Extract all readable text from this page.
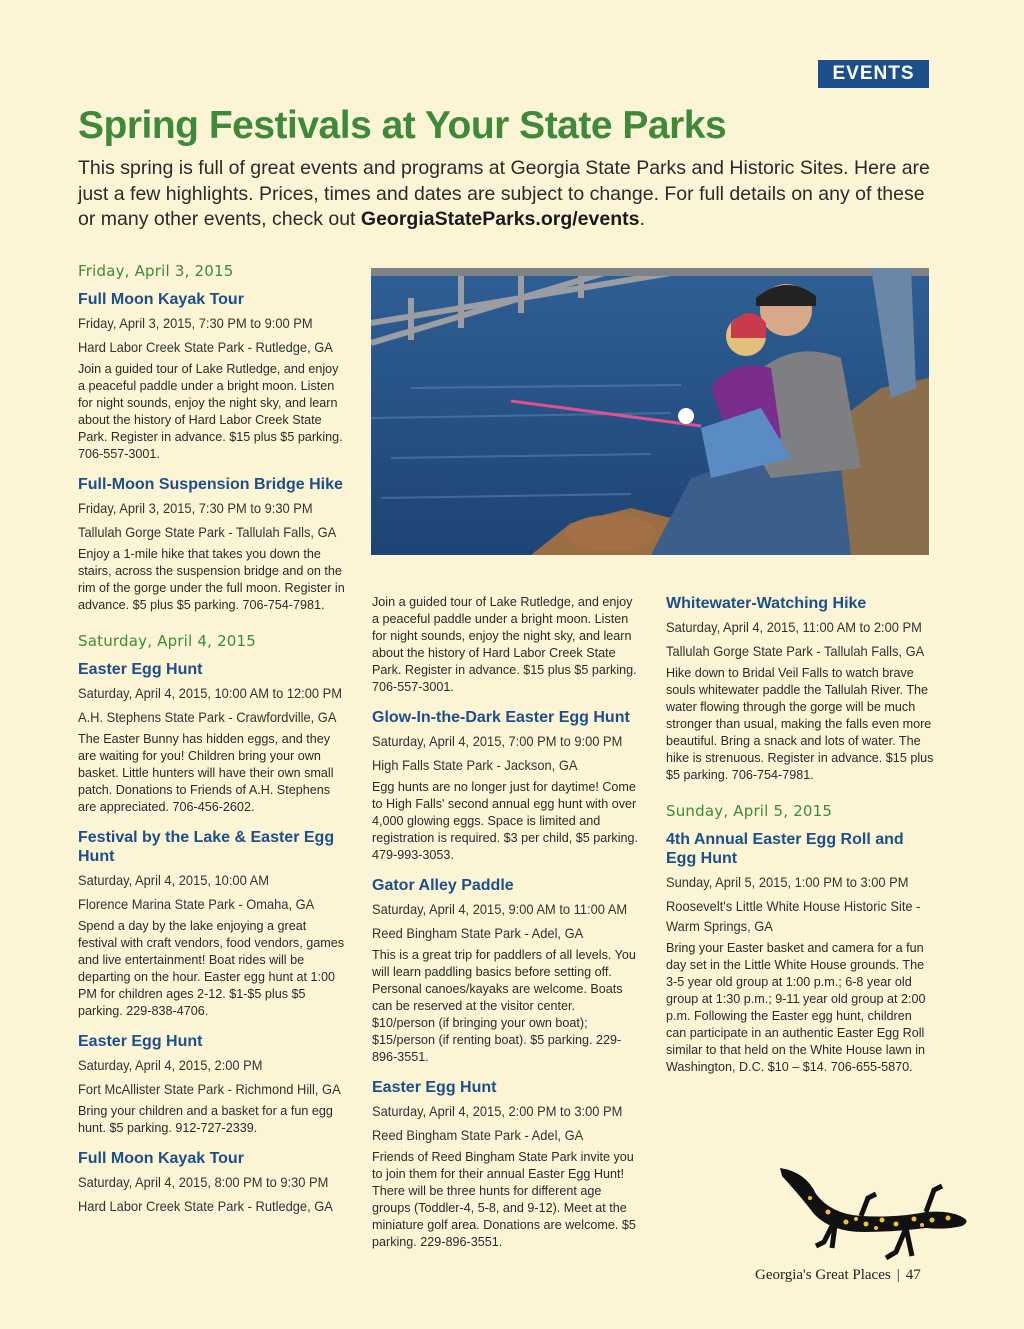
EVENTS
Spring Festivals at Your State Parks

This spring is full of great events and programs at Georgia State Parks and Historic Sites. Here are just a few highlights. Prices, times and dates are subject to change. For full details on any of these or many other events, check out GeorgiaStateParks.org/events.

Friday, April 3, 2015
Full Moon Kayak Tour
Friday, April 3, 2015, 7:30 PM to 9:00 PM
Hard Labor Creek State Park - Rutledge, GA

Join a guided tour of Lake Rutledge, and enjoy a peaceful paddle under a bright moon. Listen for night sounds, enjoy the night sky, and learn about the history of Hard Labor Creek State Park. Register in advance. $15 plus $5 parking. 706-557-3001.

Full-Moon Suspension Bridge Hike
Friday, April 3, 2015, 7:30 PM to 9:30 PM
Tallulah Gorge State Park - Tallulah Falls, GA

Enjoy a 1-mile hike that takes you down the stairs, across the suspension bridge and on the rim of the gorge under the full moon. Register in advance. $5 plus $5 parking. 706-754-7981.

Saturday, April 4, 2015
Easter Egg Hunt
Saturday, April 4, 2015, 10:00 AM to 12:00 PM
A.H. Stephens State Park - Crawfordville, GA

The Easter Bunny has hidden eggs, and they are waiting for you! Children bring your own basket. Little hunters will have their own small patch. Donations to Friends of A.H. Stephens are appreciated. 706-456-2602.

Festival by the Lake & Easter Egg Hunt
Saturday, April 4, 2015, 10:00 AM
Florence Marina State Park - Omaha, GA

Spend a day by the lake enjoying a great festival with craft vendors, food vendors, games and live entertainment! Boat rides will be departing on the hour. Easter egg hunt at 1:00 PM for children ages 2-12. $1-$5 plus $5 parking. 229-838-4706.

Easter Egg Hunt
Saturday, April 4, 2015, 2:00 PM
Fort McAllister State Park - Richmond Hill, GA

Bring your children and a basket for a fun egg hunt. $5 parking. 912-727-2339.

Full Moon Kayak Tour
Saturday, April 4, 2015, 8:00 PM to 9:30 PM
Hard Labor Creek State Park - Rutledge, GA

Join a guided tour of Lake Rutledge, and enjoy a peaceful paddle under a bright moon. Listen for night sounds, enjoy the night sky, and learn about the history of Hard Labor Creek State Park. Register in advance. $15 plus $5 parking. 706-557-3001.

Glow-In-the-Dark Easter Egg Hunt
Saturday, April 4, 2015, 7:00 PM to 9:00 PM
High Falls State Park - Jackson, GA

Egg hunts are no longer just for daytime! Come to High Falls' second annual egg hunt with over 4,000 glowing eggs. Space is limited and registration is required. $3 per child, $5 parking. 479-993-3053.

Gator Alley Paddle
Saturday, April 4, 2015, 9:00 AM to 11:00 AM
Reed Bingham State Park - Adel, GA

This is a great trip for paddlers of all levels. You will learn paddling basics before setting off. Personal canoes/kayaks are welcome. Boats can be reserved at the visitor center. $10/person (if bringing your own boat); $15/person (if renting boat). $5 parking. 229-896-3551.

Easter Egg Hunt
Saturday, April 4, 2015, 2:00 PM to 3:00 PM
Reed Bingham State Park - Adel, GA

Friends of Reed Bingham State Park invite you to join them for their annual Easter Egg Hunt! There will be three hunts for different age groups (Toddler-4, 5-8, and 9-12). Meet at the miniature golf area. Donations are welcome. $5 parking. 229-896-3551.

Whitewater-Watching Hike
Saturday, April 4, 2015, 11:00 AM to 2:00 PM
Tallulah Gorge State Park - Tallulah Falls, GA

Hike down to Bridal Veil Falls to watch brave souls whitewater paddle the Tallulah River. The water flowing through the gorge will be much stronger than usual, making the falls even more beautiful. Bring a snack and lots of water. The hike is strenuous. Register in advance. $15 plus $5 parking. 706-754-7981.

Sunday, April 5, 2015
4th Annual Easter Egg Roll and Egg Hunt
Sunday, April 5, 2015, 1:00 PM to 3:00 PM
Roosevelt's Little White House Historic Site - Warm Springs, GA

Bring your Easter basket and camera for a fun day set in the Little White House grounds. The 3-5 year old group at 1:00 p.m.; 6-8 year old group at 1:30 p.m.; 9-11 year old group at 2:00 p.m. Following the Easter egg hunt, children can participate in an authentic Easter Egg Roll similar to that held on the White House lawn in Washington, D.C. $10 – $14. 706-655-5870.

Georgia's Great Places | 47
